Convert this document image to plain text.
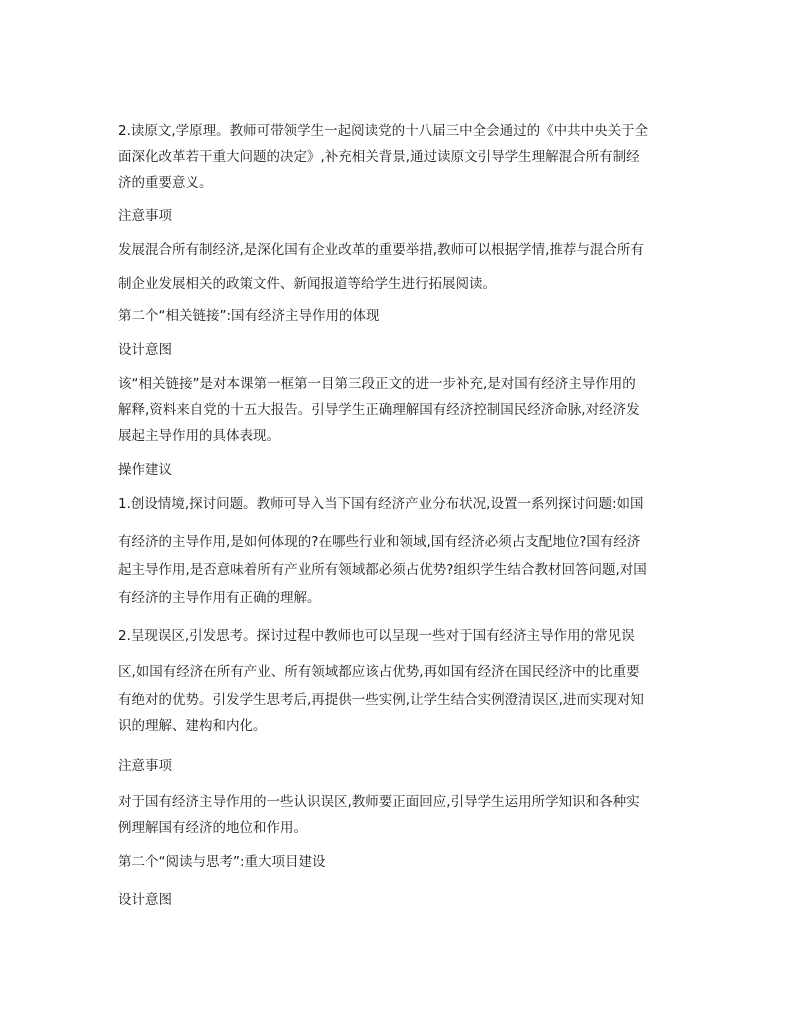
2.读原文,学原理。教师可带领学生一起阅读党的十八届三中全会通过的《中共中央关于全
面深化改革若干重大问题的决定》,补充相关背景,通过读原文引导学生理解混合所有制经
济的重要意义。
注意事项
发展混合所有制经济,是深化国有企业改革的重要举措,教师可以根据学情,推荐与混合所有
制企业发展相关的政策文件、新闻报道等给学生进行拓展阅读。
第二个“相关链接”:国有经济主导作用的体现
设计意图
该“相关链接”是对本课第一框第一目第三段正文的进一步补充,是对国有经济主导作用的
解释,资料来自党的十五大报告。引导学生正确理解国有经济控制国民经济命脉,对经济发
展起主导作用的具体表现。
操作建议
1.创设情境,探讨问题。教师可导入当下国有经济产业分布状况,设置一系列探讨问题:如国
有经济的主导作用,是如何体现的?在哪些行业和领域,国有经济必须占支配地位?国有经济
起主导作用,是否意味着所有产业所有领域都必须占优势?组织学生结合教材回答问题,对国
有经济的主导作用有正确的理解。
2.呈现误区,引发思考。探讨过程中教师也可以呈现一些对于国有经济主导作用的常见误
区,如国有经济在所有产业、所有领域都应该占优势,再如国有经济在国民经济中的比重要
有绝对的优势。引发学生思考后,再提供一些实例,让学生结合实例澄清误区,进而实现对知
识的理解、建构和内化。
注意事项
对于国有经济主导作用的一些认识误区,教师要正面回应,引导学生运用所学知识和各种实
例理解国有经济的地位和作用。
第二个“阅读与思考”:重大项目建设
设计意图
